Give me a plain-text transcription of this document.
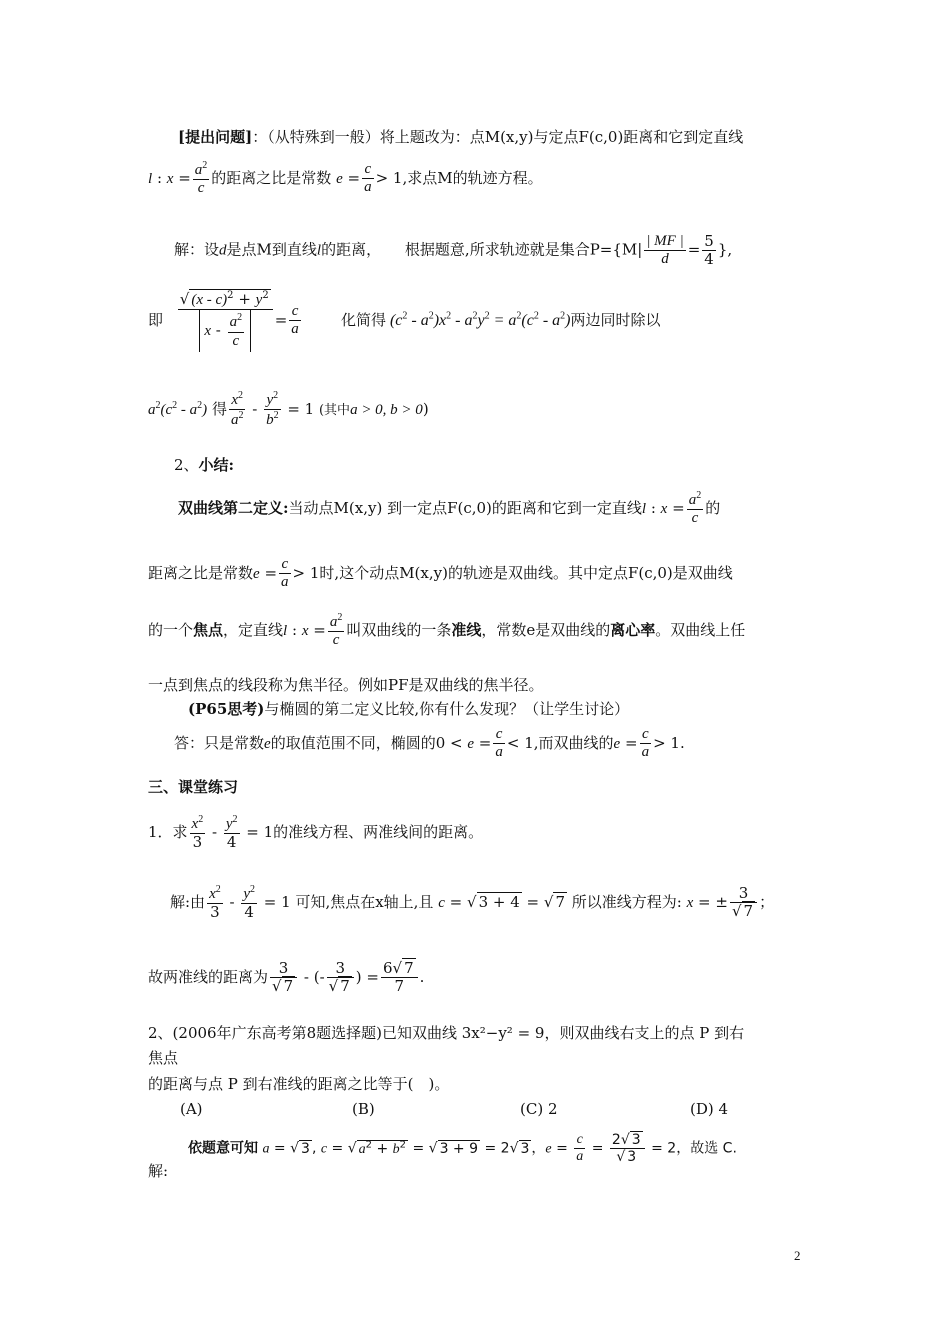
[提出问题]：（从特殊到一般）将上题改为：点M(x,y)与定点F(c,0)距离和它到定直线
l : $x = \frac{a^2}{c}$ 的距离之比是常数 $e = \frac{c}{a} > 1$,求点M的轨迹方程。
解：设d是点M到直线l的距离， 根据题意,所求轨迹就是集合$P=\{M| \frac{| MF |}{d} = \frac{5}{4}$ },
即 $\frac{√ (x - c)^2 + y^2}{x - \frac{a^2}{c}} = \frac{c}{a}$	化简得 $(c^2 - a^2)x^2 - a^2y^2 = a^2(c^2 - a^2)$两边同时除以
$a^2(c^2 - a^2)$ 得 $\frac{x^2}{a^2} - \frac{y^2}{b^2} = 1$ (其中a > 0, b > 0)
2、小结:
双曲线第二定义:当动点M(x,y) 到一定点F(c,0)的距离和它到一定直线l : $x = \frac{a^2}{c}$ 的
距离之比是常数$e = \frac{c}{a} > 1$时,这个动点M(x,y)的轨迹是双曲线。其中定点F(c,0)是双曲线
的一个焦点，定直线l : $x = \frac{a^2}{c}$ 叫双曲线的一条准线，常数e是双曲线的离心率。双曲线上任
一点到焦点的线段称为焦半径。例如PF是双曲线的焦半径。
(P65思考)与椭圆的第二定义比较,你有什么发现？（让学生讨论）
答：只是常数e的取值范围不同，椭圆的$0 < e = \frac{c}{a} < 1$,而双曲线的$e = \frac{c}{a} > 1$.
三、课堂练习
1．求 $\frac{x^2}{3} - \frac{y^2}{4} = 1$的准线方程、两准线间的距离。
解:由 $\frac{x^2}{3} - \frac{y^2}{4} = 1$ 可知,焦点在x轴上,且 c = √ 3 + 4 = √ 7 所以准线方程为: x = ± $\frac{3}{√ 7}$ ；
故两准线的距离为 $\frac{3}{√ 7}$ - (- $\frac{3}{√ 7}$ ) = $\frac{6√ 7}{7}$ .
2、(2006年广东高考第8题选择题)已知双曲线 3x²−y² = 9，则双曲线右支上的点 P 到右
焦点
的距离与点 P 到右准线的距离之比等于(　)。
(A)	(B)	(C) 2	(D) 4
依题意可知 a = √ 3 , c = √ $a^2 + b^2$ = √ 3 + 9 = 2√ 3 ，$e = \frac{c}{a} = \frac{2√ 3}{√ 3} = 2$，故选 C.
解:
2
